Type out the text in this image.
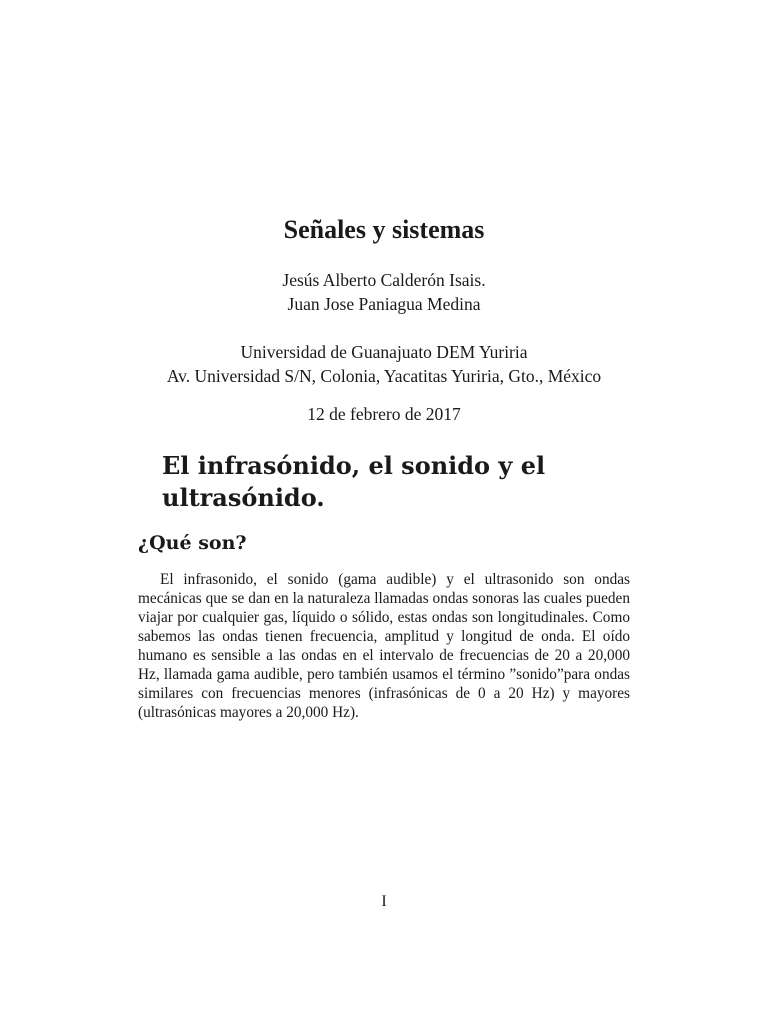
Señales y sistemas
Jesús Alberto Calderón Isais.
Juan Jose Paniagua Medina
Universidad de Guanajuato DEM Yuriria
Av. Universidad S/N, Colonia, Yacatitas Yuriria, Gto., México
12 de febrero de 2017
El infrasónido, el sonido y el ultrasónido.
¿Qué son?

El infrasonido, el sonido (gama audible) y el ultrasonido son ondas mecánicas que se dan en la naturaleza llamadas ondas sonoras las cuales pueden viajar por cualquier gas, líquido o sólido, estas ondas son longitudinales. Como sabemos las ondas tienen frecuencia, amplitud y longitud de onda. El oído humano es sensible a las ondas en el intervalo de frecuencias de 20 a 20,000 Hz, llamada gama audible, pero también usamos el término ”sonido”para ondas similares con frecuencias menores (infrasónicas de 0 a 20 Hz) y mayores (ultrasónicas mayores a 20,000 Hz).

I
